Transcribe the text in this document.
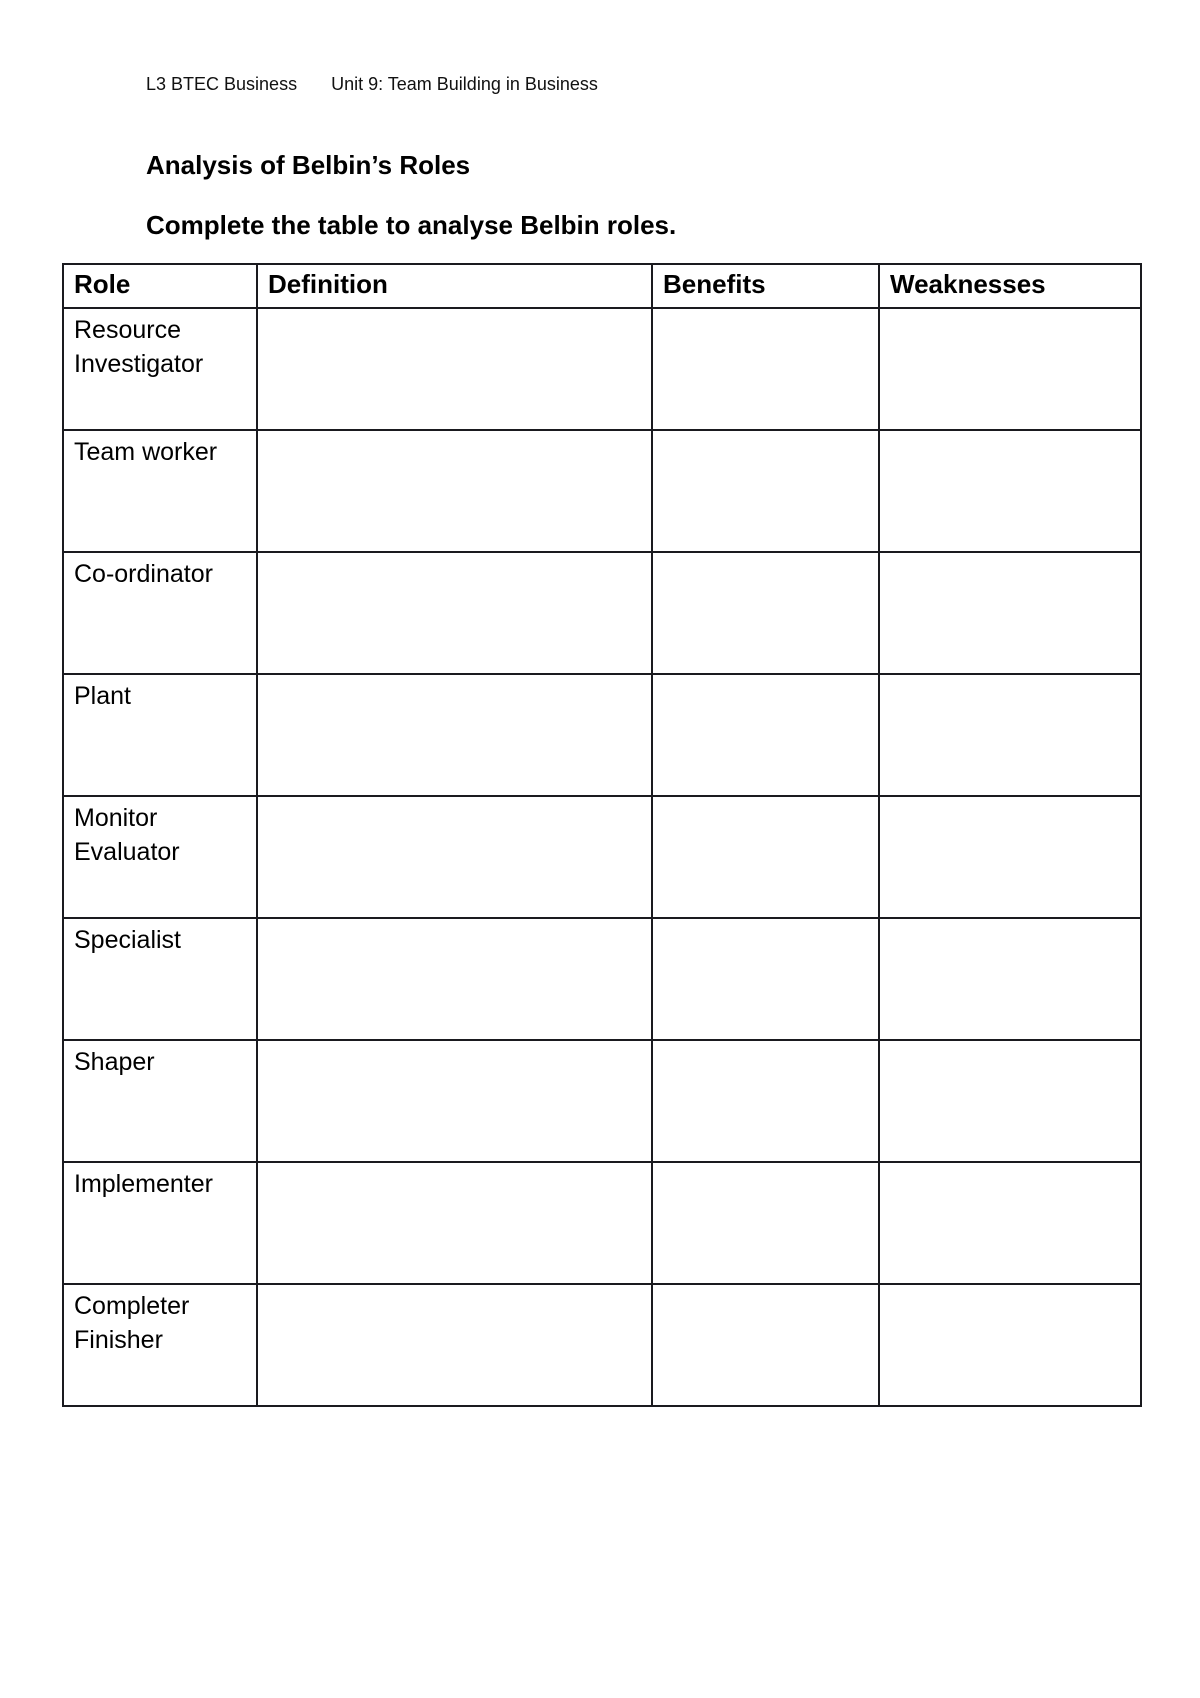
L3 BTEC Business Unit 9: Team Building in Business
Analysis of Belbin’s Roles
Complete the table to analyse Belbin roles.
Role	Definition	Benefits	Weaknesses
Resource Investigator			
Team worker			
Co-ordinator			
Plant			
Monitor Evaluator			
Specialist			
Shaper			
Implementer			
Completer Finisher			
